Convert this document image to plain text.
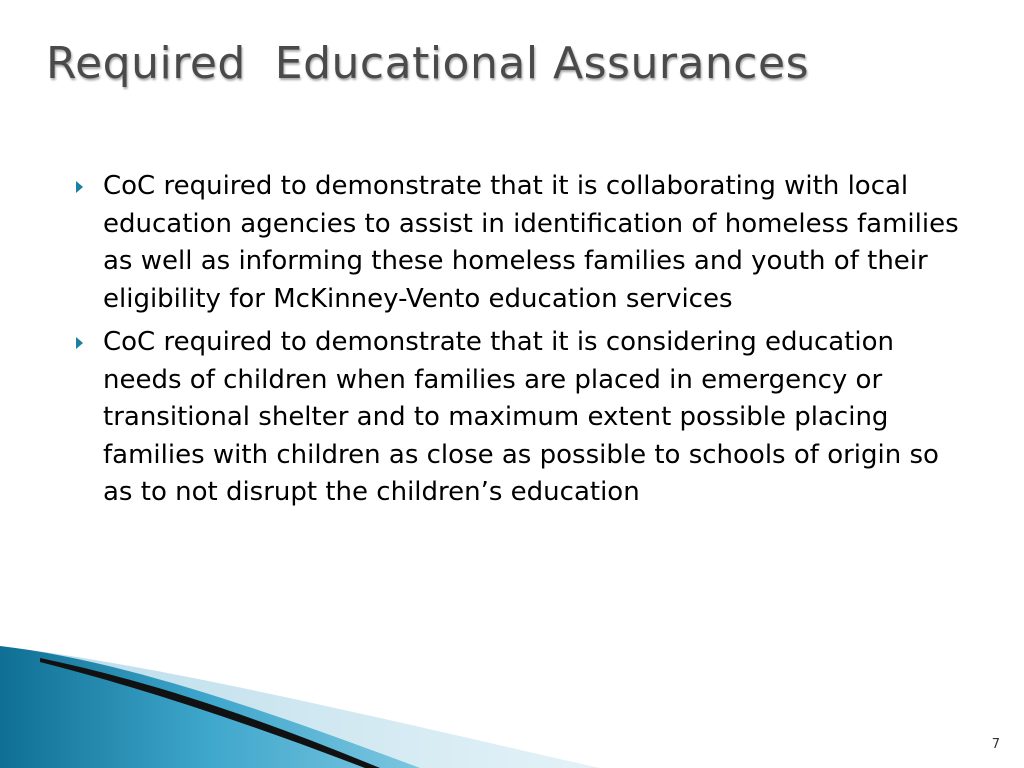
Required  Educational Assurances
CoC required to demonstrate that it is collaborating with local education agencies to assist in identification of homeless families as well as informing these homeless families and youth of their eligibility for McKinney-Vento education services
CoC required to demonstrate that it is considering education needs of children when families are placed in emergency or transitional shelter and to maximum extent possible placing families with children as close as possible to schools of origin so as to not disrupt the children’s education
7
